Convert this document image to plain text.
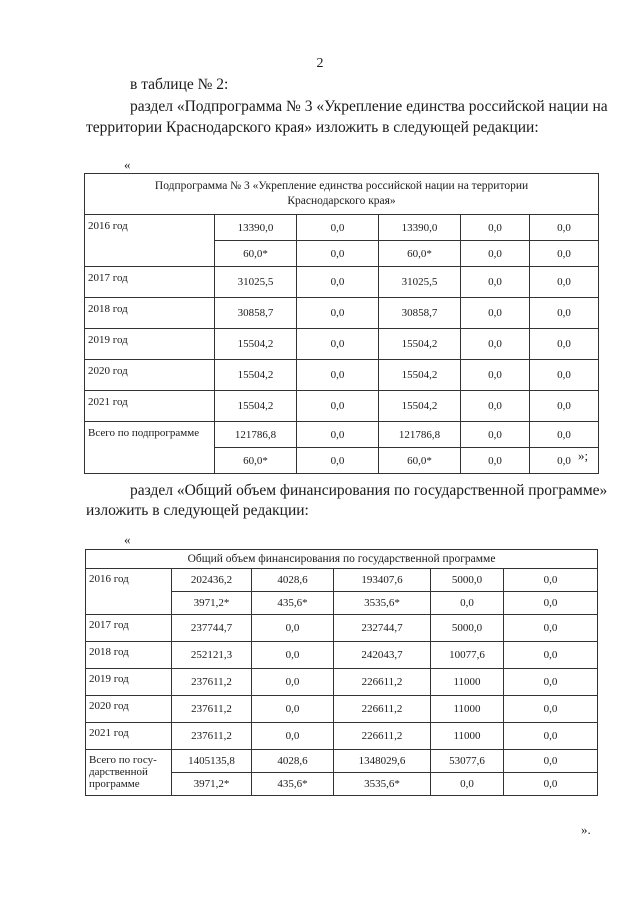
2
в таблице № 2:
раздел «Подпрограмма № 3 «Укрепление единства российской нации на
территории Краснодарского края» изложить в следующей редакции:
«
Подпрограмма № 3 «Укрепление единства российской нации на территории
Краснодарского края»					

2016 год	13390,0	0,0	13390,0	0,0	0,0
	60,0*	0,0	60,0*	0,0	0,0
2017 год	31025,5	0,0	31025,5	0,0	0,0
2018 год	30858,7	0,0	30858,7	0,0	0,0
2019 год	15504,2	0,0	15504,2	0,0	0,0
2020 год	15504,2	0,0	15504,2	0,0	0,0
2021 год	15504,2	0,0	15504,2	0,0	0,0
Всего по подпрограмме	121786,8	0,0	121786,8	0,0	0,0
	60,0*	0,0	60,0*	0,0	0,0 »;
раздел «Общий объем финансирования по государственной программе»
изложить в следующей редакции:
«
Общий объем финансирования по государственной программе					
2016 год	202436,2	4028,6	193407,6	5000,0	0,0
	3971,2*	435,6*	3535,6*	0,0	0,0
2017 год	237744,7	0,0	232744,7	5000,0	0,0
2018 год	252121,3	0,0	242043,7	10077,6	0,0
2019 год	237611,2	0,0	226611,2	11000	0,0
2020 год	237611,2	0,0	226611,2	11000	0,0
2021 год	237611,2	0,0	226611,2	11000	0,0
Всего по госу-дарственной программе	1405135,8	4028,6	1348029,6	53077,6	0,0
	3971,2*	435,6*	3535,6*	0,0	0,0
».
